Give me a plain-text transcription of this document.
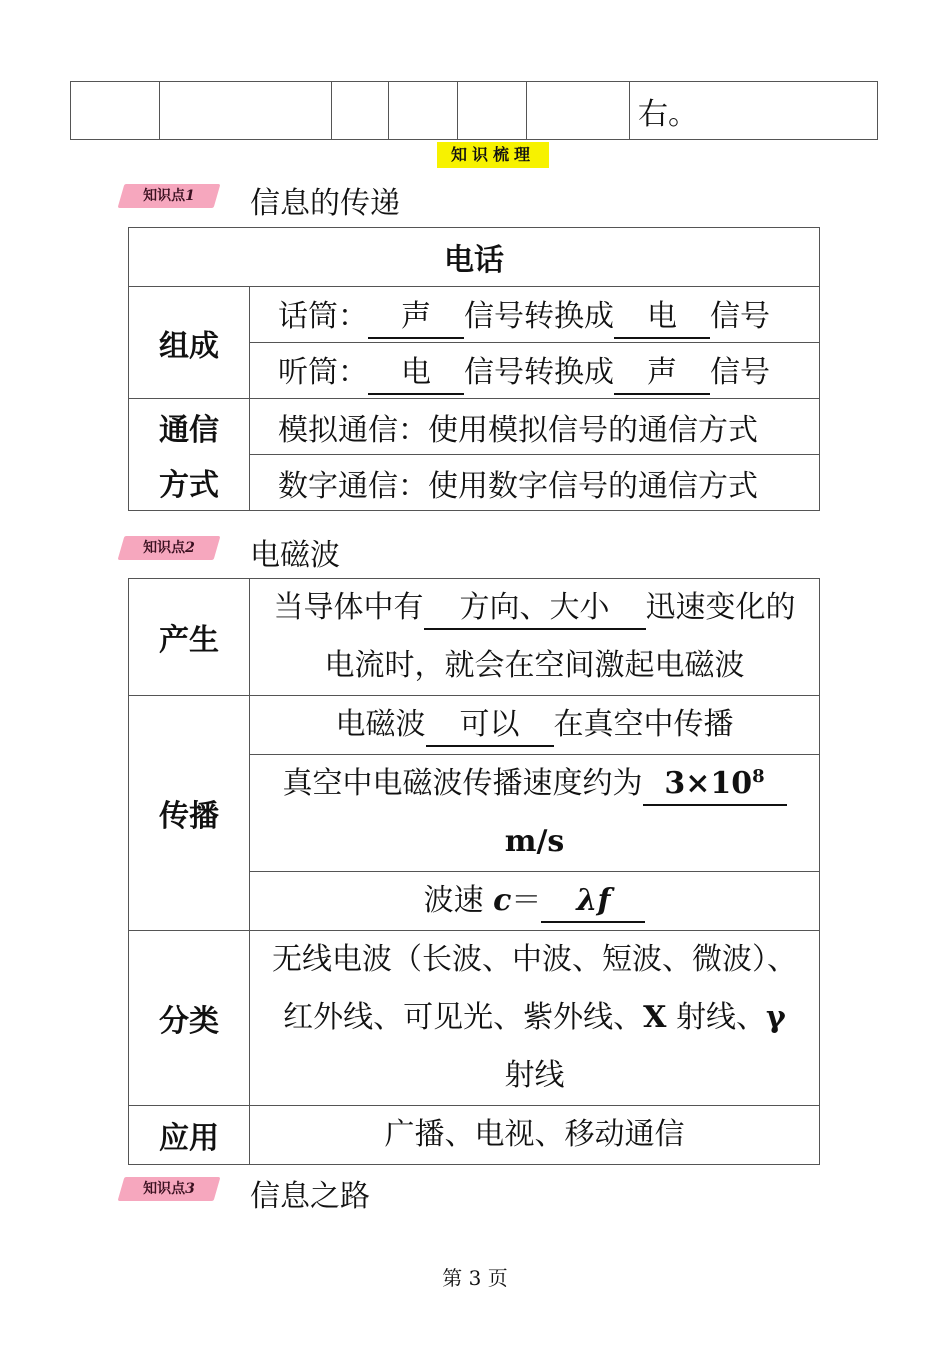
						右。
知识梳理
知识点1	信息的传递
电话	
组成	话筒： 声 信号转换成 电 信号
	听筒： 电 信号转换成 声 信号
通信	模拟通信：使用模拟信号的通信方式
方式	数字通信：使用数字信号的通信方式
知识点2	电磁波
产生	当导体中有 方向、大小 迅速变化的
电流时，就会在空间激起电磁波

传播	电磁波 可以 在真空中传播

	真空中电磁波传播速度约为 $3\times 10^8$
m/s

	波速 c＝ λf
分类	无线电波（长波、中波、短波、微波）、
红外线、可见光、紫外线、X 射线、γ
射线

应用	广播、电视、移动通信
知识点3	信息之路
第 3 页
